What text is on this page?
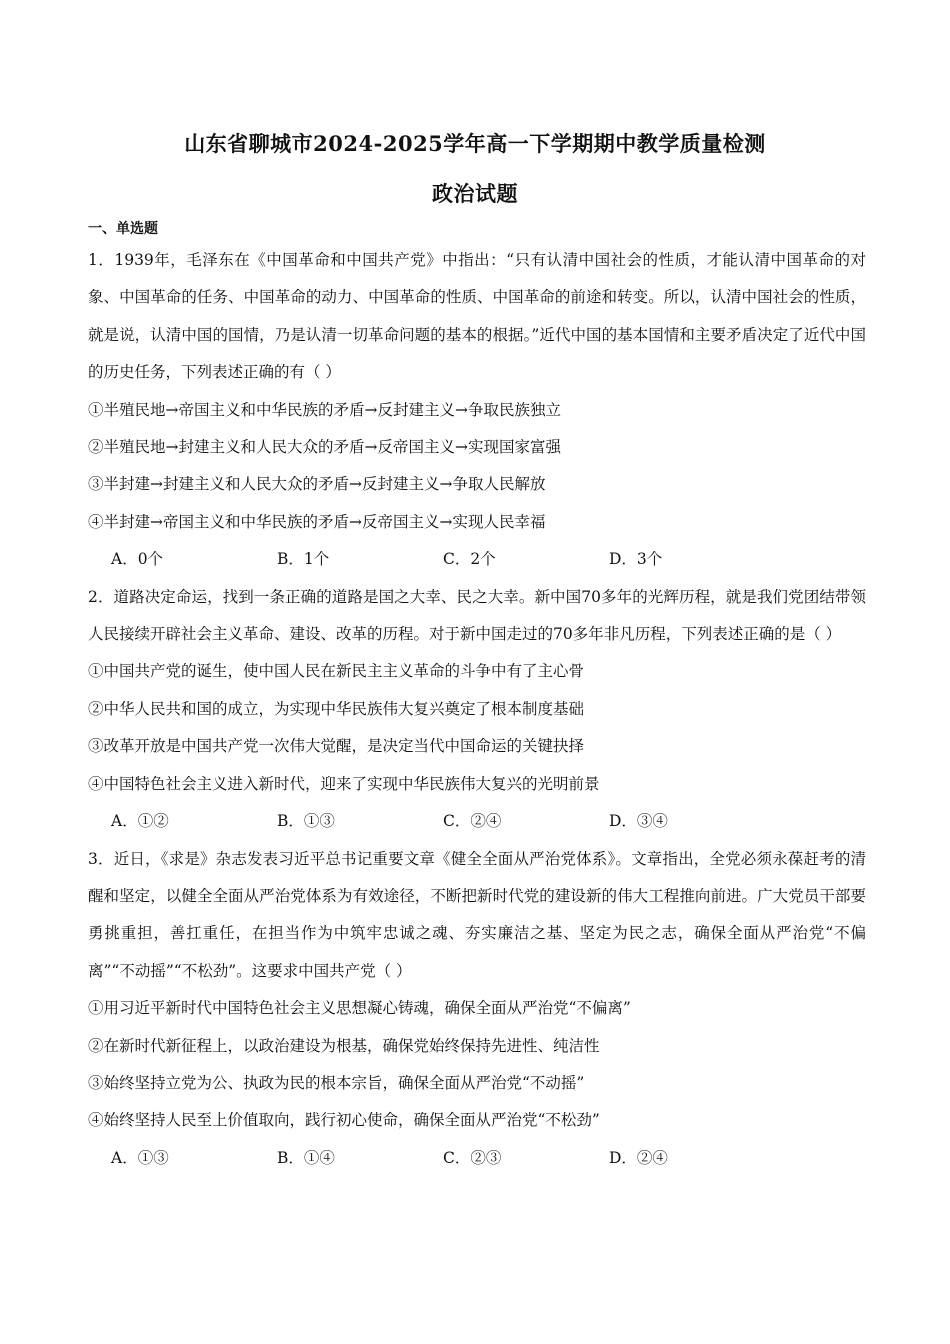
山东省聊城市2024-2025学年高一下学期期中教学质量检测
政治试题
一、单选题

1．1939年，毛泽东在《中国革命和中国共产党》中指出：“只有认清中国社会的性质，才能认清中国革命的对象、中国革命的任务、中国革命的动力、中国革命的性质、中国革命的前途和转变。所以，认清中国社会的性质，就是说，认清中国的国情，乃是认清一切革命问题的基本的根据。”近代中国的基本国情和主要矛盾决定了近代中国的历史任务，下列表述正确的有（ ）

①半殖民地→帝国主义和中华民族的矛盾→反封建主义→争取民族独立

②半殖民地→封建主义和人民大众的矛盾→反帝国主义→实现国家富强

③半封建→封建主义和人民大众的矛盾→反封建主义→争取人民解放

④半封建→帝国主义和中华民族的矛盾→反帝国主义→实现人民幸福

A．0个	B．1个	C．2个	D．3个

2．道路决定命运，找到一条正确的道路是国之大幸、民之大幸。新中国70多年的光辉历程，就是我们党团结带领人民接续开辟社会主义革命、建设、改革的历程。对于新中国走过的70多年非凡历程，下列表述正确的是（ ）

①中国共产党的诞生，使中国人民在新民主主义革命的斗争中有了主心骨

②中华人民共和国的成立，为实现中华民族伟大复兴奠定了根本制度基础

③改革开放是中国共产党一次伟大觉醒，是决定当代中国命运的关键抉择

④中国特色社会主义进入新时代，迎来了实现中华民族伟大复兴的光明前景

A．①②	B．①③	C．②④	D．③④

3．近日，《求是》杂志发表习近平总书记重要文章《健全全面从严治党体系》。文章指出，全党必须永葆赶考的清醒和坚定，以健全全面从严治党体系为有效途径，不断把新时代党的建设新的伟大工程推向前进。广大党员干部要勇挑重担，善扛重任，在担当作为中筑牢忠诚之魂、夯实廉洁之基、坚定为民之志，确保全面从严治党“不偏离”“不动摇”“不松劲”。这要求中国共产党（ ）

①用习近平新时代中国特色社会主义思想凝心铸魂，确保全面从严治党“不偏离”

②在新时代新征程上，以政治建设为根基，确保党始终保持先进性、纯洁性

③始终坚持立党为公、执政为民的根本宗旨，确保全面从严治党“不动摇”

④始终坚持人民至上价值取向，践行初心使命，确保全面从严治党“不松劲”

A．①③	B．①④	C．②③	D．②④
